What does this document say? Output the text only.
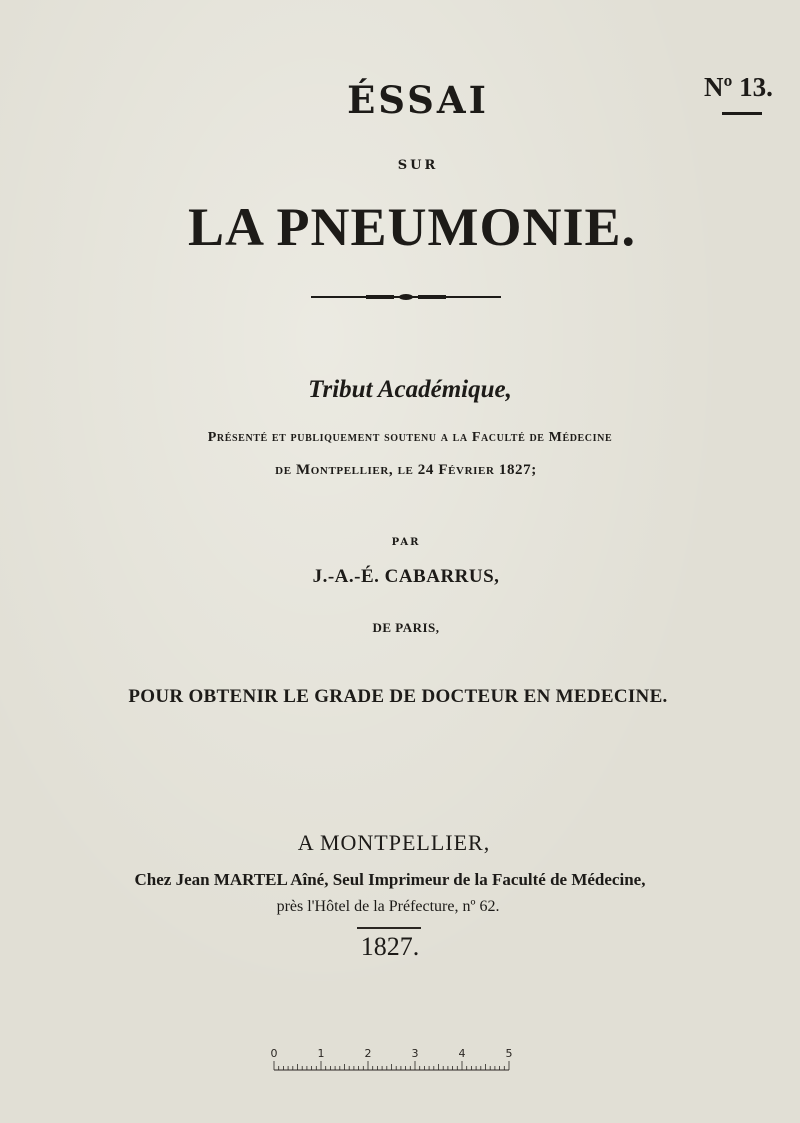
ÉSSAI	Nº 13.
SUR
LA PNEUMONIE.
Tribut Académique,
Présenté et publiquement soutenu a la Faculté de Médecine
de Montpellier, le 24 Février 1827;
PAR
J.-A.-É. CABARRUS,
DE PARIS,
POUR OBTENIR LE GRADE DE DOCTEUR EN MEDECINE.
A MONTPELLIER,
Chez Jean MARTEL Aîné, Seul Imprimeur de la Faculté de Médecine,
près l'Hôtel de la Préfecture, nº 62.
1827.
0	1	2	3	4	5
